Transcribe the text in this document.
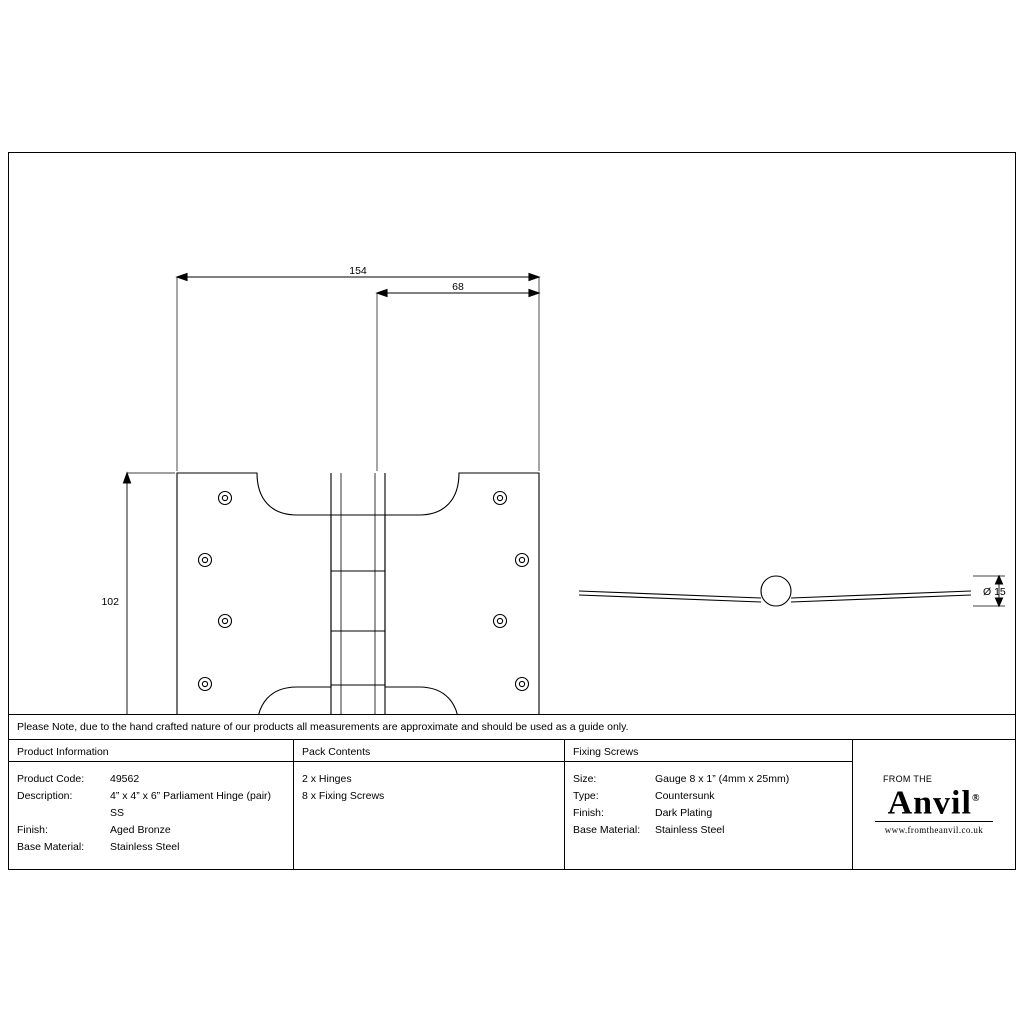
154
68
102
Ø 15
Please Note, due to the hand crafted nature of our products all measurements are approximate and should be used as a guide only.
Product Information
Product Code:	49562
Description:	4” x 4” x 6” Parliament Hinge (pair)
SS
Finish:	Aged Bronze
Base Material:	Stainless Steel
Pack Contents
2 x Hinges
8 x Fixing Screws
Fixing Screws
Size:	Gauge 8 x 1” (4mm x 25mm)
Type:	Countersunk
Finish:	Dark Plating
Base Material:	Stainless Steel
FROM THE
Anvil®
www.fromtheanvil.co.uk
